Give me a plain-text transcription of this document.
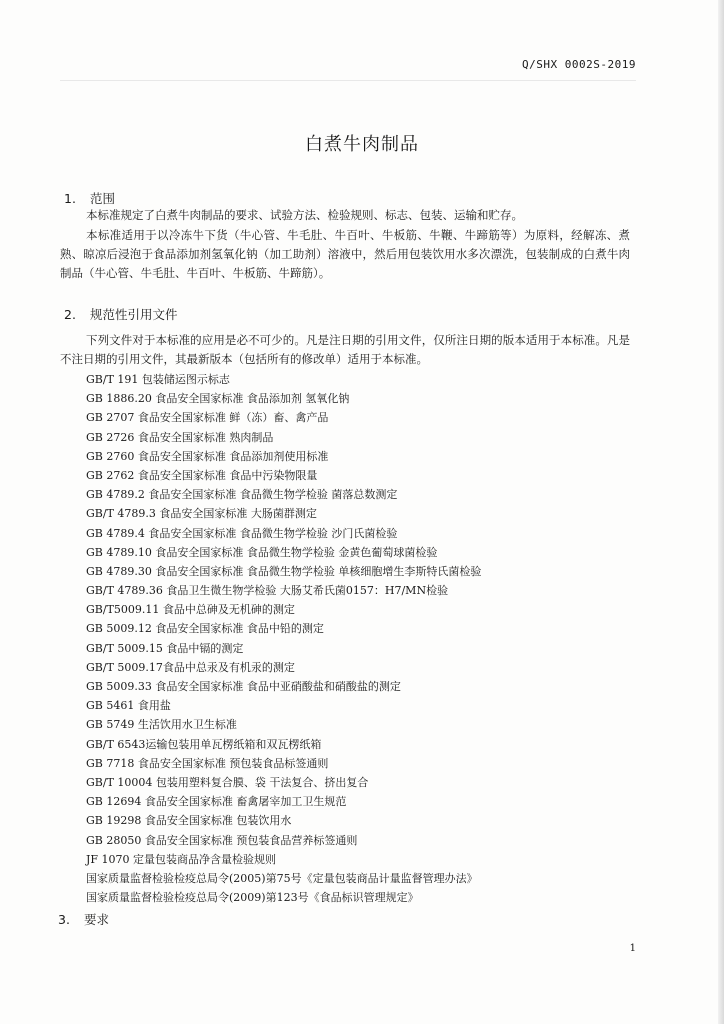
Q/SHX 0002S-2019
白煮牛肉制品
1. 范围

本标准规定了白煮牛肉制品的要求、试验方法、检验规则、标志、包装、运输和贮存。

本标准适用于以冷冻牛下货（牛心管、牛毛肚、牛百叶、牛板筋、牛鞭、牛蹄筋等）为原料，经解冻、煮熟、晾凉后浸泡于食品添加剂氢氧化钠（加工助剂）溶液中，然后用包装饮用水多次漂洗，包装制成的白煮牛肉制品（牛心管、牛毛肚、牛百叶、牛板筋、牛蹄筋）。

2. 规范性引用文件

下列文件对于本标准的应用是必不可少的。凡是注日期的引用文件，仅所注日期的版本适用于本标准。凡是不注日期的引用文件，其最新版本（包括所有的修改单）适用于本标准。

GB/T 191 包装储运图示标志
GB 1886.20 食品安全国家标准 食品添加剂 氢氧化钠
GB 2707 食品安全国家标准 鲜（冻）畜、禽产品
GB 2726 食品安全国家标准 熟肉制品
GB 2760 食品安全国家标准 食品添加剂使用标准
GB 2762 食品安全国家标准 食品中污染物限量
GB 4789.2 食品安全国家标准 食品微生物学检验 菌落总数测定
GB/T 4789.3 食品安全国家标准 大肠菌群测定
GB 4789.4 食品安全国家标准 食品微生物学检验 沙门氏菌检验
GB 4789.10 食品安全国家标准 食品微生物学检验 金黄色葡萄球菌检验
GB 4789.30 食品安全国家标准 食品微生物学检验 单核细胞增生李斯特氏菌检验
GB/T 4789.36 食品卫生微生物学检验 大肠艾希氏菌0157：H7/MN检验
GB/T5009.11 食品中总砷及无机砷的测定
GB 5009.12 食品安全国家标准 食品中铅的测定
GB/T 5009.15 食品中镉的测定
GB/T 5009.17食品中总汞及有机汞的测定
GB 5009.33 食品安全国家标准 食品中亚硝酸盐和硝酸盐的测定
GB 5461 食用盐
GB 5749 生活饮用水卫生标准
GB/T 6543运输包装用单瓦楞纸箱和双瓦楞纸箱
GB 7718 食品安全国家标准 预包装食品标签通则
GB/T 10004 包装用塑料复合膜、袋 干法复合、挤出复合
GB 12694 食品安全国家标准 畜禽屠宰加工卫生规范
GB 19298 食品安全国家标准 包装饮用水
GB 28050 食品安全国家标准 预包装食品营养标签通则
JF 1070 定量包装商品净含量检验规则
国家质量监督检验检疫总局令(2005)第75号《定量包装商品计量监督管理办法》
国家质量监督检验检疫总局令(2009)第123号《食品标识管理规定》
3. 要求
1
